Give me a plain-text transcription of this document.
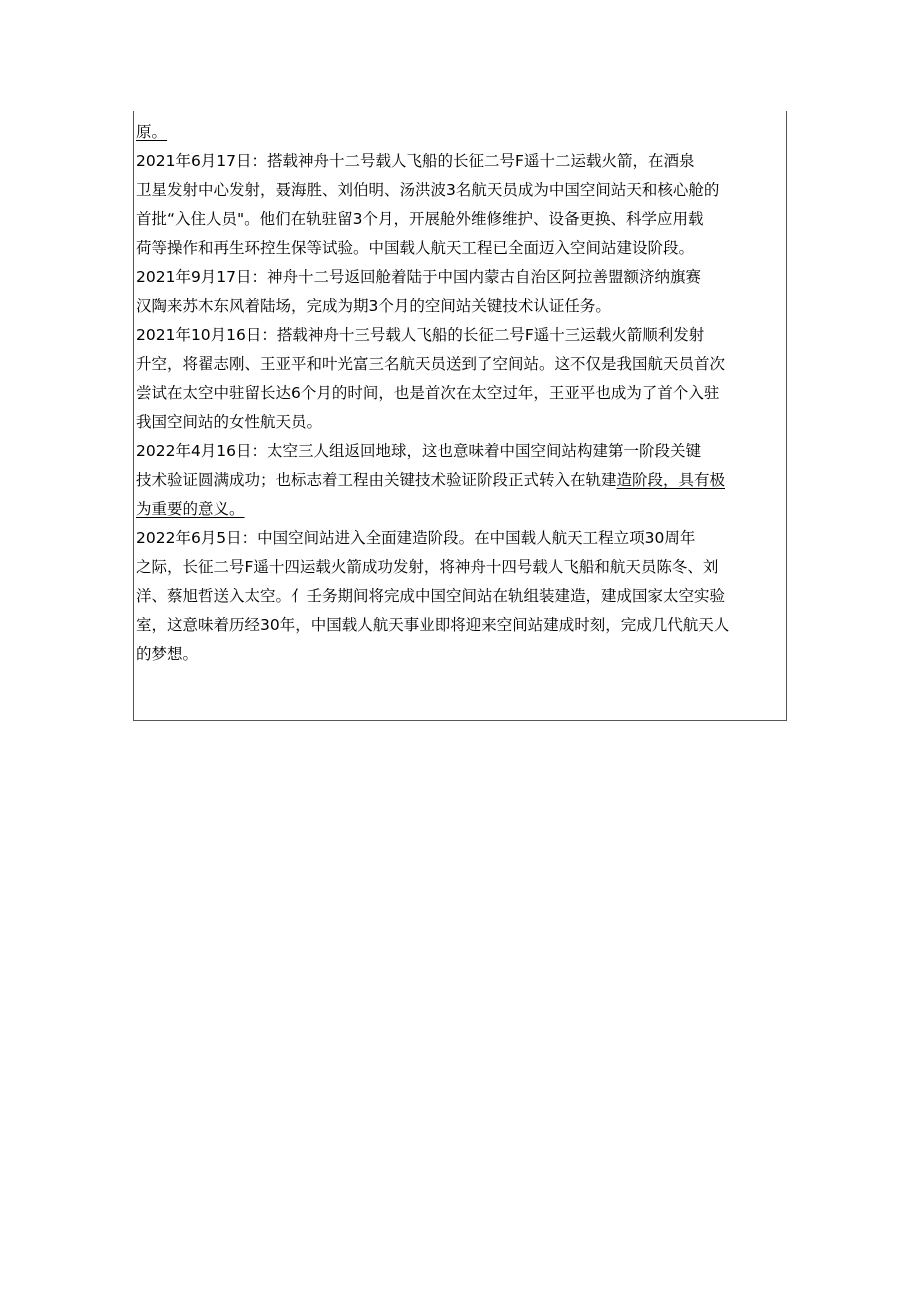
原。
2021年6月17日：搭载神舟十二号载人飞船的长征二号F遥十二运载火箭，在酒泉
卫星发射中心发射，聂海胜、刘伯明、汤洪波3名航天员成为中国空间站天和核心舱的
首批“入住人员"。他们在轨驻留3个月，开展舱外维修维护、设备更换、科学应用载
荷等操作和再生环控生保等试验。中国载人航天工程已全面迈入空间站建设阶段。
2021年9月17日：神舟十二号返回舱着陆于中国内蒙古自治区阿拉善盟额济纳旗赛
汉陶来苏木东风着陆场，完成为期3个月的空间站关键技术认证任务。
2021年10月16日：搭载神舟十三号载人飞船的长征二号F遥十三运载火箭顺利发射
升空，将翟志刚、王亚平和叶光富三名航天员送到了空间站。这不仅是我国航天员首次
尝试在太空中驻留长达6个月的时间，也是首次在太空过年，王亚平也成为了首个入驻
我国空间站的女性航天员。
2022年4月16日：太空三人组返回地球，这也意味着中国空间站构建第一阶段关键
技术验证圆满成功；也标志着工程由关键技术验证阶段正式转入在轨建造阶段，具有极
为重要的意义。
2022年6月5日：中国空间站进入全面建造阶段。在中国载人航天工程立项30周年
之际，长征二号F遥十四运载火箭成功发射，将神舟十四号载人飞船和航天员陈冬、刘
洋、蔡旭哲送入太空。亻壬务期间将完成中国空间站在轨组装建造，建成国家太空实验
室，这意味着历经30年，中国载人航天事业即将迎来空间站建成时刻，完成几代航天人
的梦想。
